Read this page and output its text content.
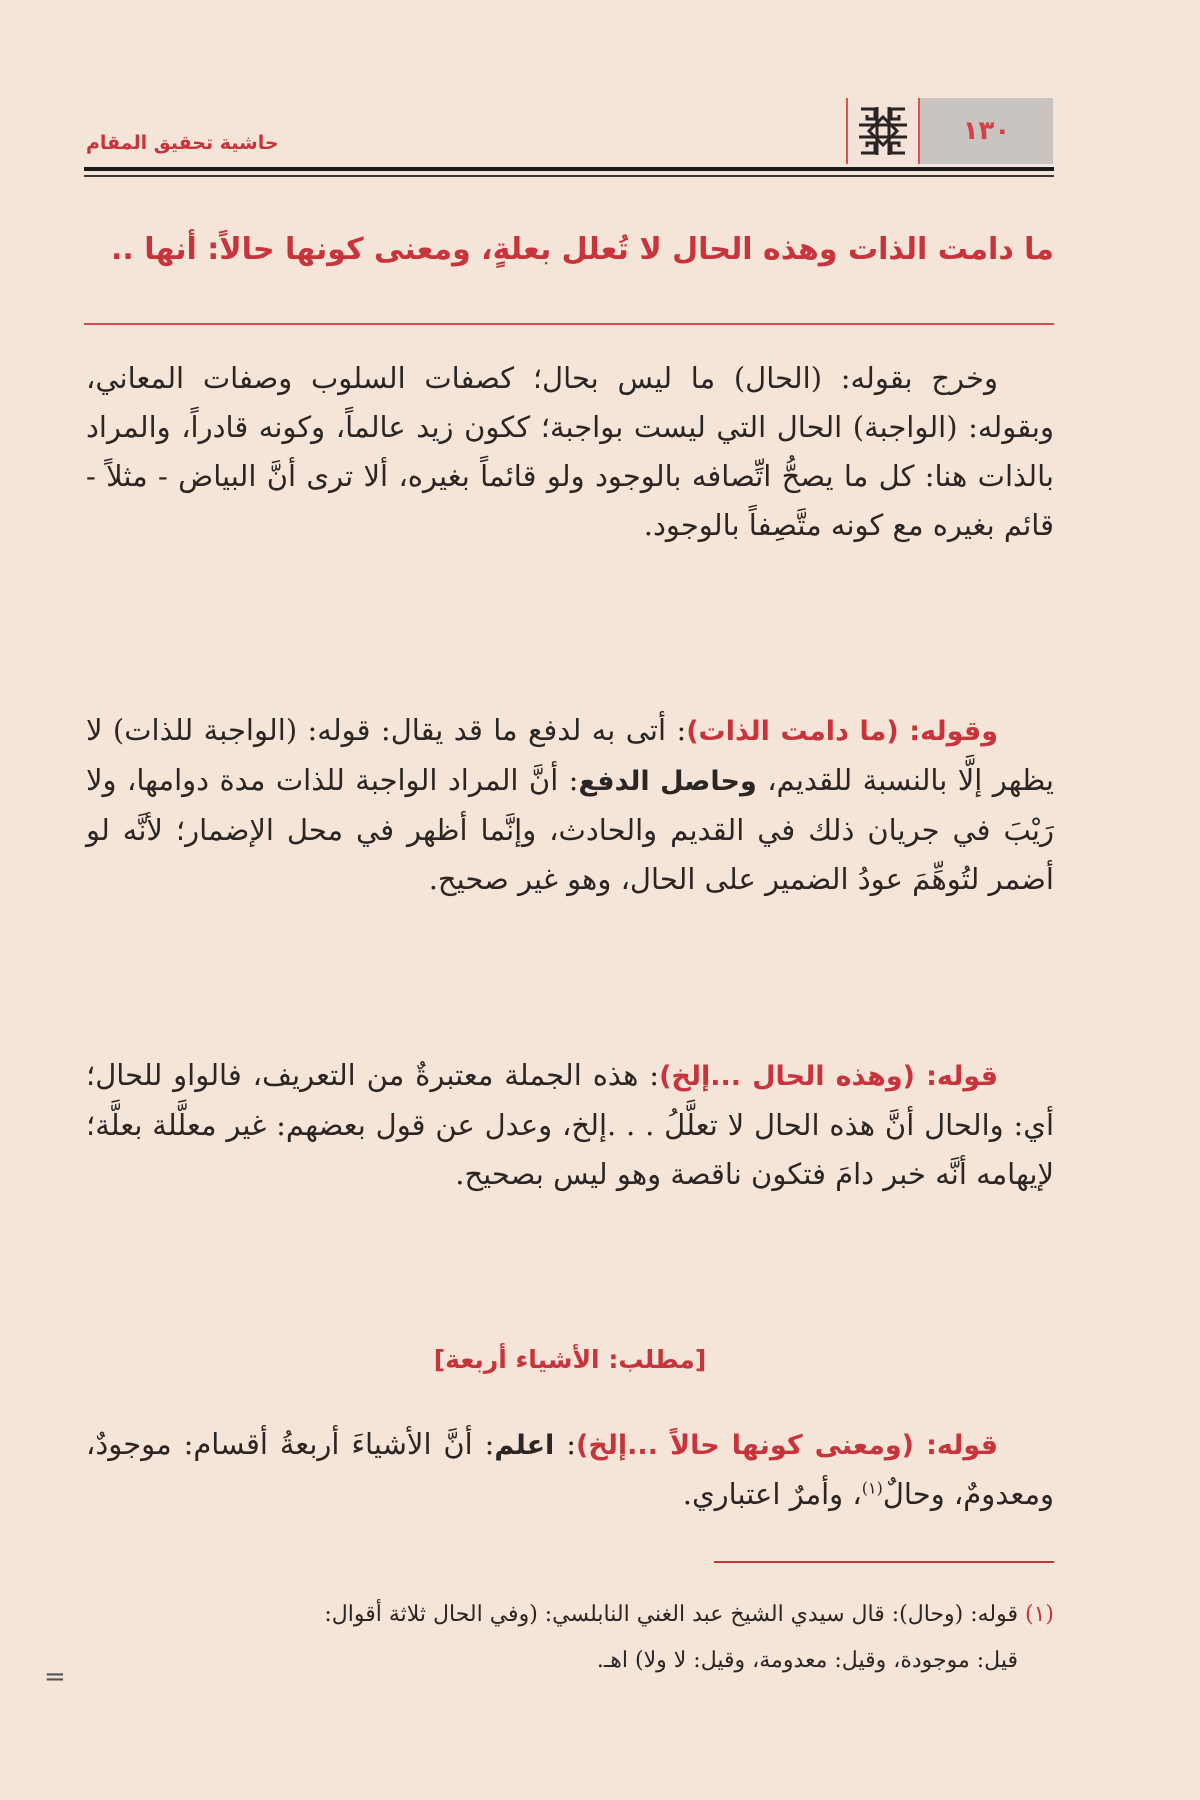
حاشية تحقيق المقام	١٣٠
ما دامت الذات وهذه الحال لا تُعلل بعلةٍ، ومعنى كونها حالاً: أنها ..
وخرج بقوله: (الحال) ما ليس بحال؛ كصفات السلوب وصفات المعاني، وبقوله: (الواجبة) الحال التي ليست بواجبة؛ ككون زيد عالماً، وكونه قادراً، والمراد بالذات هنا: كل ما يصحُّ اتِّصافه بالوجود ولو قائماً بغيره، ألا ترى أنَّ البياض - مثلاً - قائم بغيره مع كونه متَّصِفاً بالوجود.
وقوله: (ما دامت الذات): أتى به لدفع ما قد يقال: قوله: (الواجبة للذات) لا يظهر إلَّا بالنسبة للقديم، وحاصل الدفع: أنَّ المراد الواجبة للذات مدة دوامها، ولا رَيْبَ في جريان ذلك في القديم والحادث، وإنَّما أظهر في محل الإضمار؛ لأنَّه لو أضمر لتُوهِّمَ عودُ الضمير على الحال، وهو غير صحيح.
قوله: (وهذه الحال ...إلخ): هذه الجملة معتبرةٌ من التعريف، فالواو للحال؛ أي: والحال أنَّ هذه الحال لا تعلَّلُ . . .إلخ، وعدل عن قول بعضهم: غير معلَّلة بعلَّة؛ لإيهامه أنَّه خبر دامَ فتكون ناقصة وهو ليس بصحيح.
[مطلب: الأشياء أربعة]
قوله: (ومعنى كونها حالاً ...إلخ): اعلم: أنَّ الأشياءَ أربعةُ أقسام: موجودٌ، ومعدومٌ، وحالٌ$^{(١)}$، وأمرٌ اعتباري.
(١) قوله: (وحال): قال سيدي الشيخ عبد الغني النابلسي: (وفي الحال ثلاثة أقوال:
قيل: موجودة، وقيل: معدومة، وقيل: لا ولا) اهـ.
=
